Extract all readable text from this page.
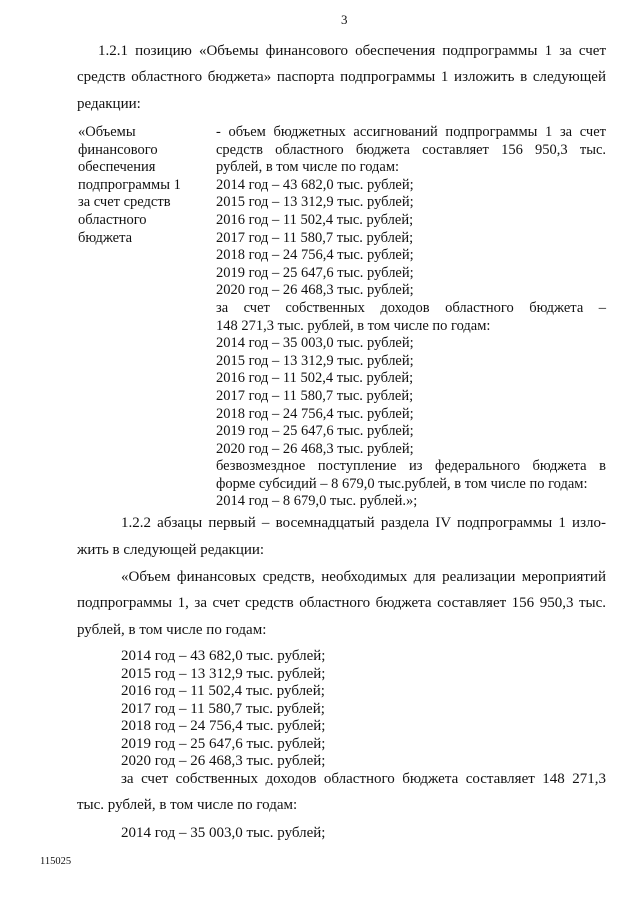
3
1.2.1 позицию «Объемы финансового обеспечения подпрограммы 1 за счет
средств областного бюджета» паспорта подпрограммы 1 изложить в следующей
редакции:
«Объемы
финансового
обеспечения
подпрограммы 1
за счет средств
областного
бюджета
- объем бюджетных ассигнований подпрограммы 1 за счет
средств областного бюджета составляет 156 950,3 тыс.
рублей, в том числе по годам:
2014 год – 43 682,0 тыс. рублей;
2015 год – 13 312,9 тыс. рублей;
2016 год – 11 502,4 тыс. рублей;
2017 год – 11 580,7 тыс. рублей;
2018 год – 24 756,4 тыс. рублей;
2019 год – 25 647,6 тыс. рублей;
2020 год – 26 468,3 тыс. рублей;
за счет собственных доходов областного бюджета –
148 271,3 тыс. рублей, в том числе по годам:
2014 год – 35 003,0 тыс. рублей;
2015 год – 13 312,9 тыс. рублей;
2016 год – 11 502,4 тыс. рублей;
2017 год – 11 580,7 тыс. рублей;
2018 год – 24 756,4 тыс. рублей;
2019 год – 25 647,6 тыс. рублей;
2020 год – 26 468,3 тыс. рублей;
безвозмездное поступление из федерального бюджета в
форме субсидий – 8 679,0 тыс.рублей, в том числе по годам:
2014 год – 8 679,0 тыс. рублей.»;
1.2.2 абзацы первый – восемнадцатый раздела IV подпрограммы 1 изло-
жить в следующей редакции:
«Объем финансовых средств, необходимых для реализации мероприятий
подпрограммы 1, за счет средств областного бюджета составляет 156 950,3 тыс.
рублей, в том числе по годам:
2014 год – 43 682,0 тыс. рублей;
2015 год – 13 312,9 тыс. рублей;
2016 год – 11 502,4 тыс. рублей;
2017 год – 11 580,7 тыс. рублей;
2018 год – 24 756,4 тыс. рублей;
2019 год – 25 647,6 тыс. рублей;
2020 год – 26 468,3 тыс. рублей;
за счет собственных доходов областного бюджета составляет 148 271,3
тыс. рублей, в том числе по годам:
2014 год – 35 003,0 тыс. рублей;
115025
